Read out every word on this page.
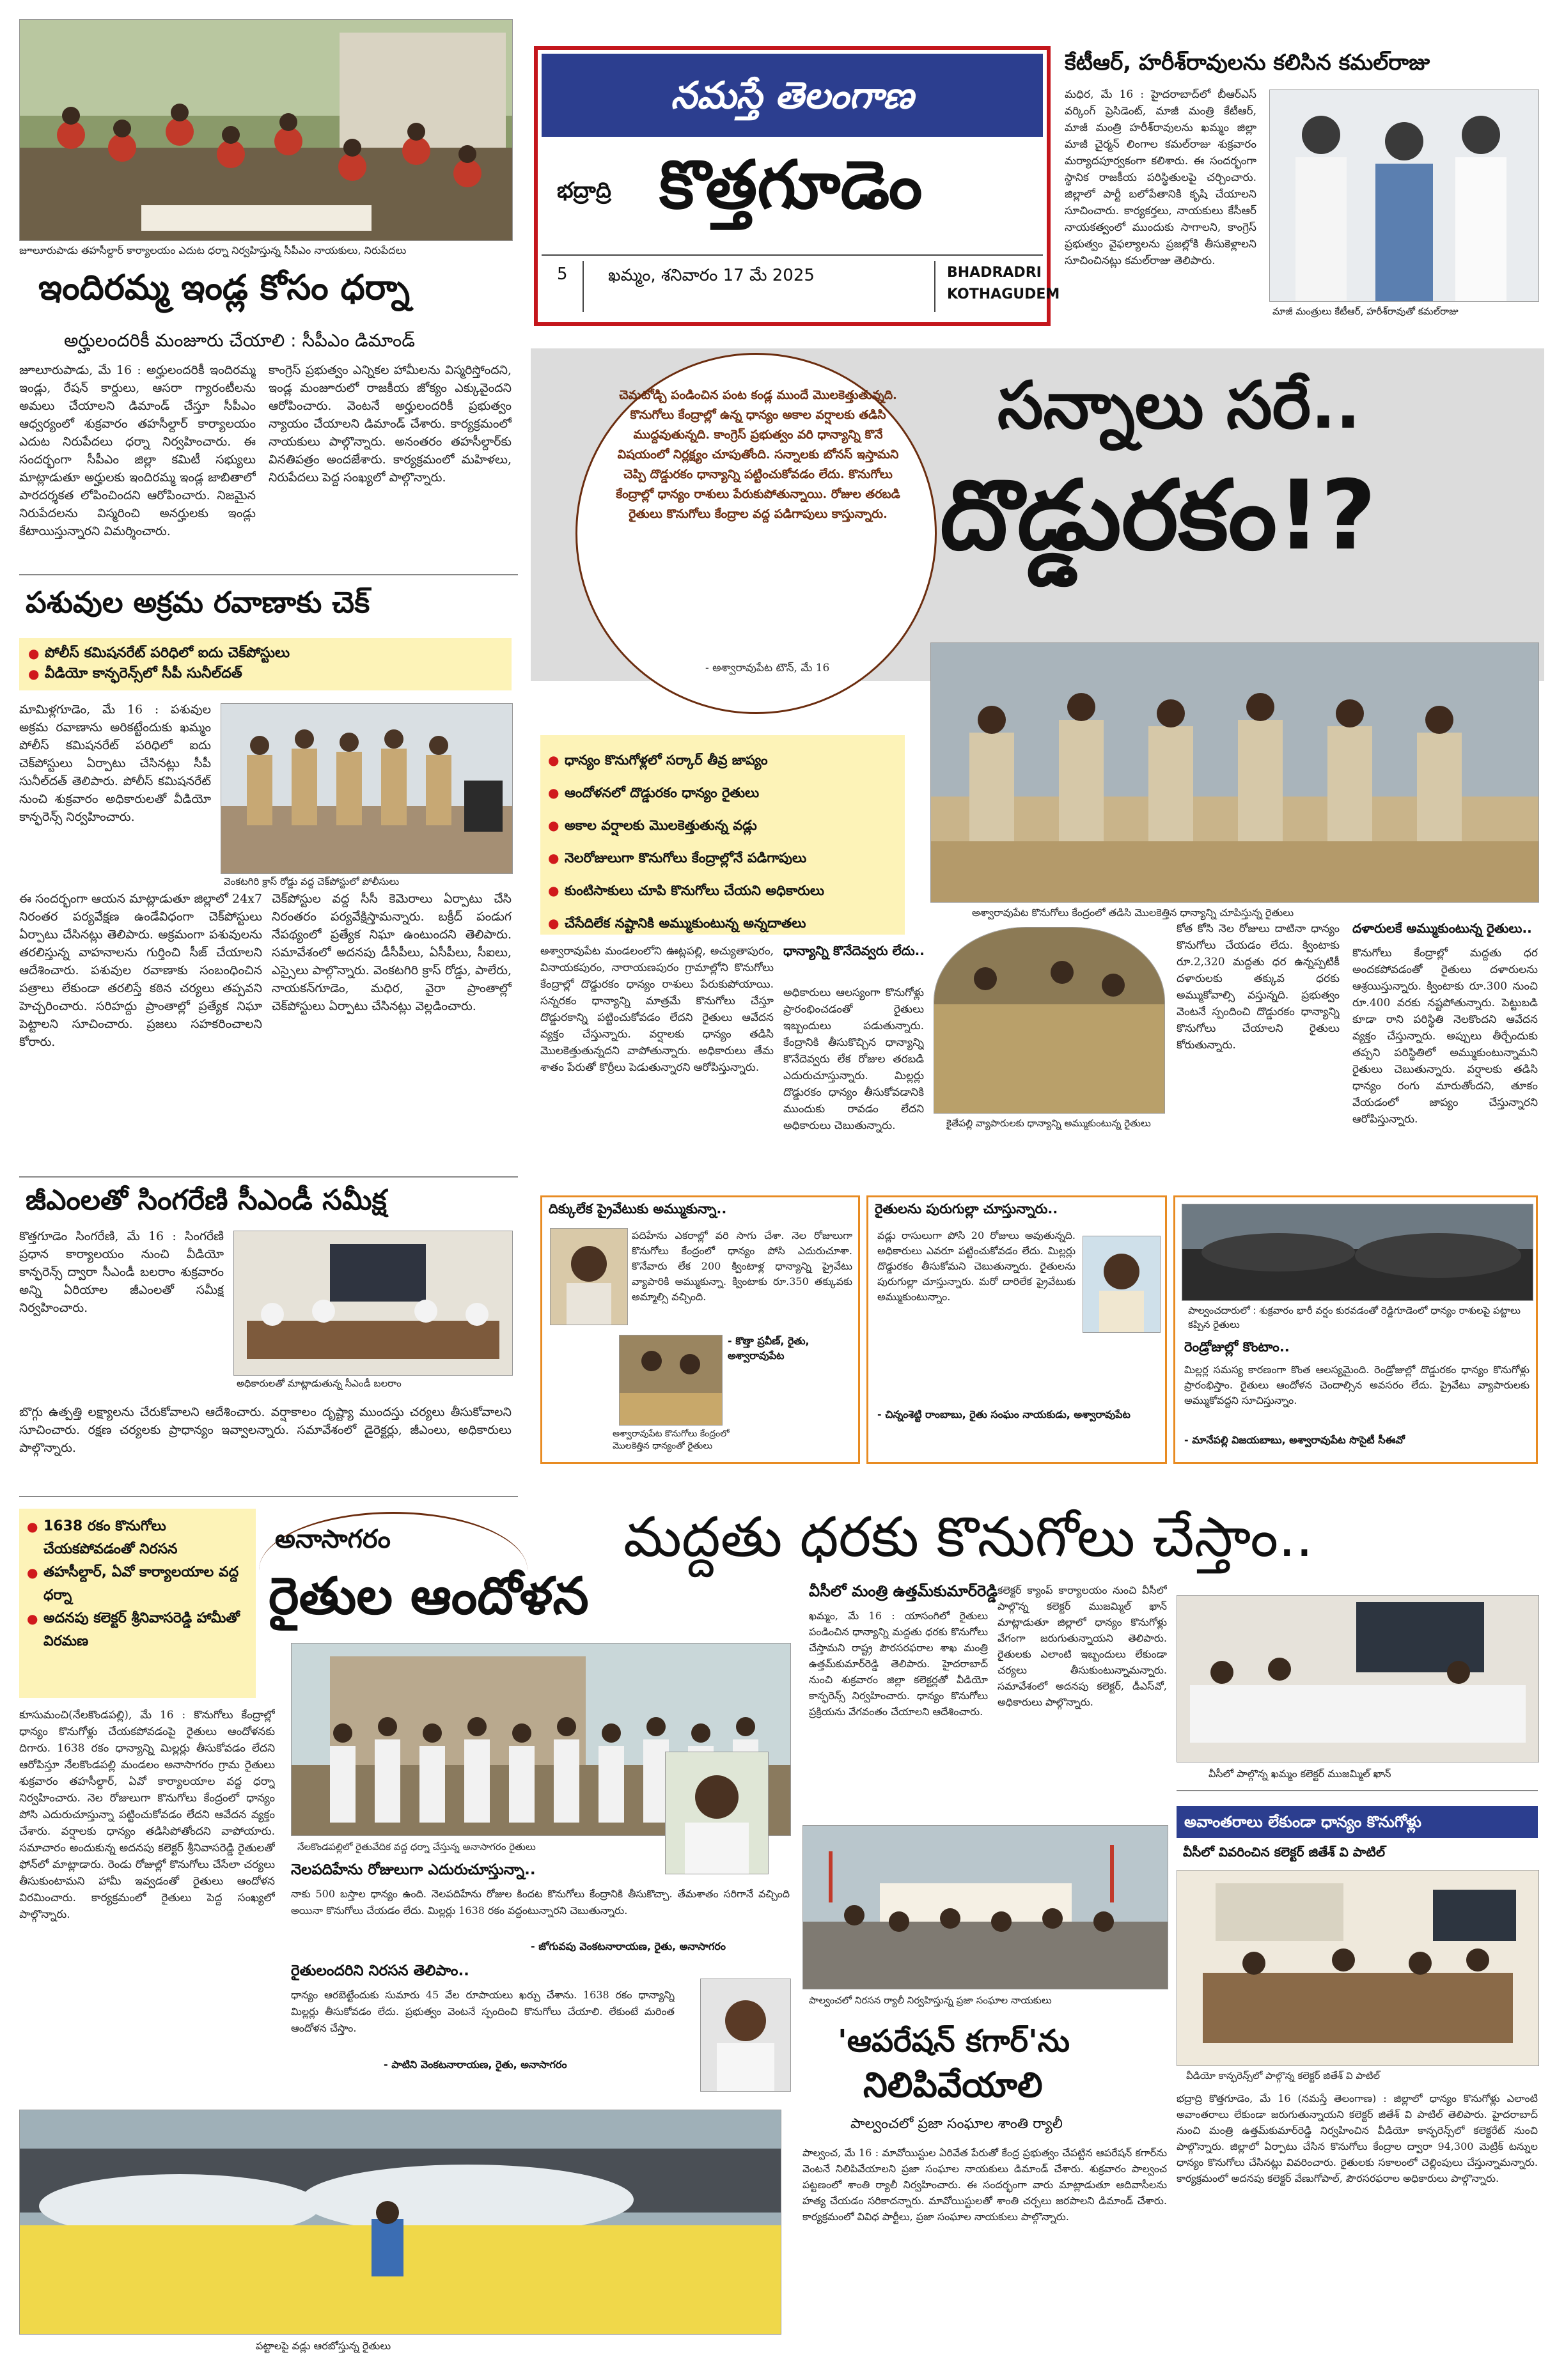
జూలూరుపాడు తహసీల్దార్ కార్యాలయం ఎదుట ధర్నా నిర్వహిస్తున్న సీపీఎం నాయకులు, నిరుపేదలు
ఇందిరమ్మ ఇండ్ల కోసం ధర్నా
అర్హులందరికీ మంజూరు చేయాలి : సీపీఎం డిమాండ్
జూలూరుపాడు, మే 16 : అర్హులందరికీ ఇందిరమ్మ ఇండ్లు, రేషన్ కార్డులు, ఆసరా గ్యారంటీలను అమలు చేయాలని డిమాండ్ చేస్తూ సీపీఎం ఆధ్వర్యంలో శుక్రవారం తహసీల్దార్ కార్యాలయం ఎదుట నిరుపేదలు ధర్నా నిర్వహించారు. ఈ సందర్భంగా సీపీఎం జిల్లా కమిటీ సభ్యులు మాట్లాడుతూ అర్హులకు ఇందిరమ్మ ఇండ్ల జాబితాలో పారదర్శకత లోపించిందని ఆరోపించారు. నిజమైన నిరుపేదలను విస్మరించి అనర్హులకు ఇండ్లు కేటాయిస్తున్నారని విమర్శించారు.
కాంగ్రెస్ ప్రభుత్వం ఎన్నికల హామీలను విస్మరిస్తోందని, ఇండ్ల మంజూరులో రాజకీయ జోక్యం ఎక్కువైందని ఆరోపించారు. వెంటనే అర్హులందరికీ ప్రభుత్వం న్యాయం చేయాలని డిమాండ్ చేశారు. కార్యక్రమంలో నాయకులు పాల్గొన్నారు. అనంతరం తహసీల్దార్‌కు వినతిపత్రం అందజేశారు. కార్యక్రమంలో మహిళలు, నిరుపేదలు పెద్ద సంఖ్యలో పాల్గొన్నారు.
పశువుల అక్రమ రవాణాకు చెక్
● పోలీస్ కమిషనరేట్ పరిధిలో ఐదు చెక్‌పోస్టులు
● వీడియో కాన్ఫరెన్స్‌లో సీపీ సునీల్‌దత్
మామిళ్లగూడెం, మే 16 : పశువుల అక్రమ రవాణాను అరికట్టేందుకు ఖమ్మం పోలీస్ కమిషనరేట్ పరిధిలో ఐదు చెక్‌పోస్టులు ఏర్పాటు చేసినట్లు సీపీ సునీల్‌దత్ తెలిపారు. పోలీస్ కమిషనరేట్ నుంచి శుక్రవారం అధికారులతో వీడియో కాన్ఫరెన్స్ నిర్వహించారు.
వెంకటగిరి క్రాస్ రోడ్డు వద్ద చెక్‌పోస్టులో పోలీసులు
ఈ సందర్భంగా ఆయన మాట్లాడుతూ జిల్లాలో 24x7 నిరంతర పర్యవేక్షణ ఉండేవిధంగా చెక్‌పోస్టులు ఏర్పాటు చేసినట్లు తెలిపారు. అక్రమంగా పశువులను తరలిస్తున్న వాహనాలను గుర్తించి సీజ్ చేయాలని ఆదేశించారు. పశువుల రవాణాకు సంబంధించిన పత్రాలు లేకుండా తరలిస్తే కఠిన చర్యలు తప్పవని హెచ్చరించారు. సరిహద్దు ప్రాంతాల్లో ప్రత్యేక నిఘా పెట్టాలని సూచించారు. ప్రజలు సహకరించాలని కోరారు.
చెక్‌పోస్టుల వద్ద సీసీ కెమెరాలు ఏర్పాటు చేసి నిరంతరం పర్యవేక్షిస్తామన్నారు. బక్రీద్ పండుగ నేపథ్యంలో ప్రత్యేక నిఘా ఉంటుందని తెలిపారు. సమావేశంలో అదనపు డీసీపీలు, ఏసీపీలు, సీఐలు, ఎస్సైలు పాల్గొన్నారు. వెంకటగిరి క్రాస్ రోడ్డు, పాలేరు, నాయకన్‌గూడెం, మధిర, వైరా ప్రాంతాల్లో చెక్‌పోస్టులు ఏర్పాటు చేసినట్లు వెల్లడించారు.
జీఎంలతో సింగరేణి సీఎండీ సమీక్ష
కొత్తగూడెం సింగరేణి, మే 16 : సింగరేణి ప్రధాన కార్యాలయం నుంచి వీడియో కాన్ఫరెన్స్ ద్వారా సీఎండీ బలరాం శుక్రవారం అన్ని ఏరియాల జీఎంలతో సమీక్ష నిర్వహించారు.
అధికారులతో మాట్లాడుతున్న సీఎండీ బలరాం
బొగ్గు ఉత్పత్తి లక్ష్యాలను చేరుకోవాలని ఆదేశించారు. వర్షాకాలం దృష్ట్యా ముందస్తు చర్యలు తీసుకోవాలని సూచించారు. రక్షణ చర్యలకు ప్రాధాన్యం ఇవ్వాలన్నారు. సమావేశంలో డైరెక్టర్లు, జీఎంలు, అధికారులు పాల్గొన్నారు.
నమస్తే తెలంగాణ
భద్రాద్రి కొత్తగూడెం
5 ఖమ్మం, శనివారం 17 మే 2025	BHADRADRI
KOTHAGUDEM
కేటీఆర్, హరీశ్‌రావులను కలిసిన కమల్‌రాజు
మధిర, మే 16 : హైదరాబాద్‌లో బీఆర్ఎస్ వర్కింగ్ ప్రెసిడెంట్, మాజీ మంత్రి కేటీఆర్, మాజీ మంత్రి హరీశ్‌రావులను ఖమ్మం జిల్లా మాజీ చైర్మన్ లింగాల కమల్‌రాజు శుక్రవారం మర్యాదపూర్వకంగా కలిశారు. ఈ సందర్భంగా స్థానిక రాజకీయ పరిస్థితులపై చర్చించారు. జిల్లాలో పార్టీ బలోపేతానికి కృషి చేయాలని సూచించారు. కార్యకర్తలు, నాయకులు కేసీఆర్ నాయకత్వంలో ముందుకు సాగాలని, కాంగ్రెస్ ప్రభుత్వం వైఫల్యాలను ప్రజల్లోకి తీసుకెళ్లాలని సూచించినట్లు కమల్‌రాజు తెలిపారు.
మాజీ మంత్రులు కేటీఆర్, హరీశ్‌రావుతో కమల్‌రాజు
చెమటోడ్చి పండించిన పంట కండ్ల ముందే మొలకెత్తుతున్నది. కొనుగోలు కేంద్రాల్లో ఉన్న ధాన్యం అకాల వర్షాలకు తడిసి ముద్దవుతున్నది. కాంగ్రెస్ ప్రభుత్వం వరి ధాన్యాన్ని కొనే విషయంలో నిర్లక్ష్యం చూపుతోంది. సన్నాలకు బోనస్ ఇస్తామని చెప్పి దొడ్డురకం ధాన్యాన్ని పట్టించుకోవడం లేదు. కొనుగోలు కేంద్రాల్లో ధాన్యం రాశులు పేరుకుపోతున్నాయి. రోజుల తరబడి రైతులు కొనుగోలు కేంద్రాల వద్ద పడిగాపులు కాస్తున్నారు.
- అశ్వారావుపేట టౌన్, మే 16
సన్నాలు సరే..
దొడ్డురకం!?
● ధాన్యం కొనుగోళ్లలో సర్కార్ తీవ్ర జాప్యం
● ఆందోళనలో దొడ్డురకం ధాన్యం రైతులు
● అకాల వర్షాలకు మొలకెత్తుతున్న వడ్లు
● నెలరోజులుగా కొనుగోలు కేంద్రాల్లోనే పడిగాపులు
● కుంటిసాకులు చూపి కొనుగోలు చేయని అధికారులు
● చేసేదిలేక నష్టానికి అమ్ముకుంటున్న అన్నదాతలు
అశ్వారావుపేట కొనుగోలు కేంద్రంలో తడిసి మొలకెత్తిన ధాన్యాన్ని చూపిస్తున్న రైతులు
అశ్వారావుపేట మండలంలోని ఊట్లపల్లి, అచ్యుతాపురం, వినాయకపురం, నారాయణపురం గ్రామాల్లోని కొనుగోలు కేంద్రాల్లో దొడ్డురకం ధాన్యం రాశులు పేరుకుపోయాయి. సన్నరకం ధాన్యాన్ని మాత్రమే కొనుగోలు చేస్తూ దొడ్డురకాన్ని పట్టించుకోవడం లేదని రైతులు ఆవేదన వ్యక్తం చేస్తున్నారు. వర్షాలకు ధాన్యం తడిసి మొలకెత్తుతున్నదని వాపోతున్నారు. అధికారులు తేమ శాతం పేరుతో కొర్రీలు పెడుతున్నారని ఆరోపిస్తున్నారు.
ధాన్యాన్ని కొనేదెవ్వరు లేదు..
అధికారులు ఆలస్యంగా కొనుగోళ్లు ప్రారంభించడంతో రైతులు ఇబ్బందులు పడుతున్నారు. కేంద్రానికి తీసుకొచ్చిన ధాన్యాన్ని కొనేదెవ్వరు లేక రోజుల తరబడి ఎదురుచూస్తున్నారు. మిల్లర్లు దొడ్డురకం ధాన్యం తీసుకోవడానికి ముందుకు రావడం లేదని అధికారులు చెబుతున్నారు.	కైతేపల్లి వ్యాపారులకు ధాన్యాన్ని అమ్ముకుంటున్న రైతులు
కోత కోసి నెల రోజులు దాటినా ధాన్యం కొనుగోలు చేయడం లేదు. క్వింటాకు రూ.2,320 మద్దతు ధర ఉన్నప్పటికీ దళారులకు తక్కువ ధరకు అమ్ముకోవాల్సి వస్తున్నది. ప్రభుత్వం వెంటనే స్పందించి దొడ్డురకం ధాన్యాన్ని కొనుగోలు చేయాలని రైతులు కోరుతున్నారు.
దళారులకే అమ్ముకుంటున్న రైతులు..
కొనుగోలు కేంద్రాల్లో మద్దతు ధర అందకపోవడంతో రైతులు దళారులను ఆశ్రయిస్తున్నారు. క్వింటాకు రూ.300 నుంచి రూ.400 వరకు నష్టపోతున్నారు. పెట్టుబడి కూడా రాని పరిస్థితి నెలకొందని ఆవేదన వ్యక్తం చేస్తున్నారు. అప్పులు తీర్చేందుకు తప్పని పరిస్థితిలో అమ్ముకుంటున్నామని రైతులు చెబుతున్నారు. వర్షాలకు తడిసి ధాన్యం రంగు మారుతోందని, తూకం వేయడంలో జాప్యం చేస్తున్నారని ఆరోపిస్తున్నారు.
దిక్కులేక ప్రైవేటుకు అమ్ముకున్నా..
పదిహేను ఎకరాల్లో వరి సాగు చేశా. నెల రోజులుగా కొనుగోలు కేంద్రంలో ధాన్యం పోసి ఎదురుచూశా. కొనేవారు లేక 200 క్వింటాళ్ల ధాన్యాన్ని ప్రైవేటు వ్యాపారికి అమ్ముకున్నా. క్వింటాకు రూ.350 తక్కువకు అమ్మాల్సి వచ్చింది.
- కొత్తా ప్రవీణ్, రైతు, అశ్వారావుపేట
అశ్వారావుపేట కొనుగోలు కేంద్రంలో మొలకెత్తిన ధాన్యంతో రైతులు
రైతులను పురుగుల్లా చూస్తున్నారు..
వడ్లు రాసులుగా పోసి 20 రోజులు అవుతున్నది. అధికారులు ఎవరూ పట్టించుకోవడం లేదు. మిల్లర్లు దొడ్డురకం తీసుకోమని చెబుతున్నారు. రైతులను పురుగుల్లా చూస్తున్నారు. మరో దారిలేక ప్రైవేటుకు అమ్ముకుంటున్నాం.
- చిన్నంశెట్టి రాంబాబు, రైతు సంఘం నాయకుడు, అశ్వారావుపేట
పాల్వంచదారులో : శుక్రవారం భారీ వర్షం కురవడంతో రెడ్డిగూడెంలో ధాన్యం రాశులపై పట్టాలు కప్పిన రైతులు
రెండ్రోజుల్లో కొంటాం..
మిల్లర్ల సమస్య కారణంగా కొంత ఆలస్యమైంది. రెండ్రోజుల్లో దొడ్డురకం ధాన్యం కొనుగోళ్లు ప్రారంభిస్తాం. రైతులు ఆందోళన చెందాల్సిన అవసరం లేదు. ప్రైవేటు వ్యాపారులకు అమ్ముకోవద్దని సూచిస్తున్నాం.
- మానేపల్లి విజయబాబు, అశ్వారావుపేట సొసైటీ సీఈవో
● 1638 రకం కొనుగోలు చేయకపోవడంతో నిరసన
● తహసీల్దార్, ఏవో కార్యాలయాల వద్ద ధర్నా
● అదనపు కలెక్టర్ శ్రీనివాసరెడ్డి హామీతో విరమణ
అనాసాగరం
రైతుల ఆందోళన
కూసుమంచి(నేలకొండపల్లి), మే 16 : కొనుగోలు కేంద్రాల్లో ధాన్యం కొనుగోళ్లు చేయకపోవడంపై రైతులు ఆందోళనకు దిగారు. 1638 రకం ధాన్యాన్ని మిల్లర్లు తీసుకోవడం లేదని ఆరోపిస్తూ నేలకొండపల్లి మండలం అనాసాగరం గ్రామ రైతులు శుక్రవారం తహసీల్దార్, ఏవో కార్యాలయాల వద్ద ధర్నా నిర్వహించారు. నెల రోజులుగా కొనుగోలు కేంద్రంలో ధాన్యం పోసి ఎదురుచూస్తున్నా పట్టించుకోవడం లేదని ఆవేదన వ్యక్తం చేశారు. వర్షాలకు ధాన్యం తడిసిపోతోందని వాపోయారు. సమాచారం అందుకున్న అదనపు కలెక్టర్ శ్రీనివాసరెడ్డి రైతులతో ఫోన్‌లో మాట్లాడారు. రెండు రోజుల్లో కొనుగోలు చేసేలా చర్యలు తీసుకుంటామని హామీ ఇవ్వడంతో రైతులు ఆందోళన విరమించారు. కార్యక్రమంలో రైతులు పెద్ద సంఖ్యలో పాల్గొన్నారు.
నేలకొండపల్లిలో రైతువేదిక వద్ద ధర్నా చేస్తున్న అనాసాగరం రైతులు
నెలపదిహేను రోజులుగా ఎదురుచూస్తున్నా..
నాకు 500 బస్తాల ధాన్యం ఉంది. నెలపదిహేను రోజుల కిందట కొనుగోలు కేంద్రానికి తీసుకొచ్చా. తేమశాతం సరిగానే వచ్చింది అయినా కొనుగోలు చేయడం లేదు. మిల్లర్లు 1638 రకం వద్దంటున్నారని చెబుతున్నారు.
- జోగువపు వెంకటనారాయణ, రైతు, అనాసాగరం
రైతులందరిని నిరసన తెలిపాం..
ధాన్యం ఆరబెట్టేందుకు సుమారు 45 వేల రూపాయలు ఖర్చు చేశాను. 1638 రకం ధాన్యాన్ని మిల్లర్లు తీసుకోవడం లేదు. ప్రభుత్వం వెంటనే స్పందించి కొనుగోలు చేయాలి. లేకుంటే మరింత ఆందోళన చేస్తాం.
- పాటిని వెంకటనారాయణ, రైతు, అనాసాగరం
పట్టాలపై వడ్లు ఆరబోస్తున్న రైతులు
మద్దతు ధరకు కొనుగోలు చేస్తాం..
వీసీలో మంత్రి ఉత్తమ్‌కుమార్‌రెడ్డి
ఖమ్మం, మే 16 : యాసంగిలో రైతులు పండించిన ధాన్యాన్ని మద్దతు ధరకు కొనుగోలు చేస్తామని రాష్ట్ర పౌరసరఫరాల శాఖ మంత్రి ఉత్తమ్‌కుమార్‌రెడ్డి తెలిపారు. హైదరాబాద్ నుంచి శుక్రవారం జిల్లా కలెక్టర్లతో వీడియో కాన్ఫరెన్స్ నిర్వహించారు. ధాన్యం కొనుగోలు ప్రక్రియను వేగవంతం చేయాలని ఆదేశించారు.
కలెక్టర్ క్యాంప్ కార్యాలయం నుంచి వీసీలో పాల్గొన్న కలెక్టర్ ముజమ్మిల్ ఖాన్ మాట్లాడుతూ జిల్లాలో ధాన్యం కొనుగోళ్లు వేగంగా జరుగుతున్నాయని తెలిపారు. రైతులకు ఎలాంటి ఇబ్బందులు లేకుండా చర్యలు తీసుకుంటున్నామన్నారు. సమావేశంలో అదనపు కలెక్టర్, డీఎస్‌వో, అధికారులు పాల్గొన్నారు.
వీసీలో పాల్గొన్న ఖమ్మం కలెక్టర్ ముజమ్మిల్ ఖాన్
పాల్వంచలో నిరసన ర్యాలీ నిర్వహిస్తున్న ప్రజా సంఘాల నాయకులు
'ఆపరేషన్ కగార్'ను
నిలిపివేయాలి
పాల్వంచలో ప్రజా సంఘాల శాంతి ర్యాలీ
పాల్వంచ, మే 16 : మావోయిస్టుల ఏరివేత పేరుతో కేంద్ర ప్రభుత్వం చేపట్టిన ఆపరేషన్ కగార్‌ను వెంటనే నిలిపివేయాలని ప్రజా సంఘాల నాయకులు డిమాండ్ చేశారు. శుక్రవారం పాల్వంచ పట్టణంలో శాంతి ర్యాలీ నిర్వహించారు. ఈ సందర్భంగా వారు మాట్లాడుతూ ఆదివాసీలను హత్య చేయడం సరికాదన్నారు. మావోయిస్టులతో శాంతి చర్చలు జరపాలని డిమాండ్ చేశారు. కార్యక్రమంలో వివిధ పార్టీలు, ప్రజా సంఘాల నాయకులు పాల్గొన్నారు.
అవాంతరాలు లేకుండా ధాన్యం కొనుగోళ్లు
వీసీలో వివరించిన కలెక్టర్ జితేశ్ వి పాటిల్
వీడియో కాన్ఫరెన్స్‌లో పాల్గొన్న కలెక్టర్ జితేశ్ వి పాటిల్
భద్రాద్రి కొత్తగూడెం, మే 16 (నమస్తే తెలంగాణ) : జిల్లాలో ధాన్యం కొనుగోళ్లు ఎలాంటి అవాంతరాలు లేకుండా జరుగుతున్నాయని కలెక్టర్ జితేశ్ వి పాటిల్ తెలిపారు. హైదరాబాద్ నుంచి మంత్రి ఉత్తమ్‌కుమార్‌రెడ్డి నిర్వహించిన వీడియో కాన్ఫరెన్స్‌లో కలెక్టరేట్ నుంచి పాల్గొన్నారు. జిల్లాలో ఏర్పాటు చేసిన కొనుగోలు కేంద్రాల ద్వారా 94,300 మెట్రిక్ టన్నుల ధాన్యం కొనుగోలు చేసినట్లు వివరించారు. రైతులకు సకాలంలో చెల్లింపులు చేస్తున్నామన్నారు. కార్యక్రమంలో అదనపు కలెక్టర్ వేణుగోపాల్, పౌరసరఫరాల అధికారులు పాల్గొన్నారు.
